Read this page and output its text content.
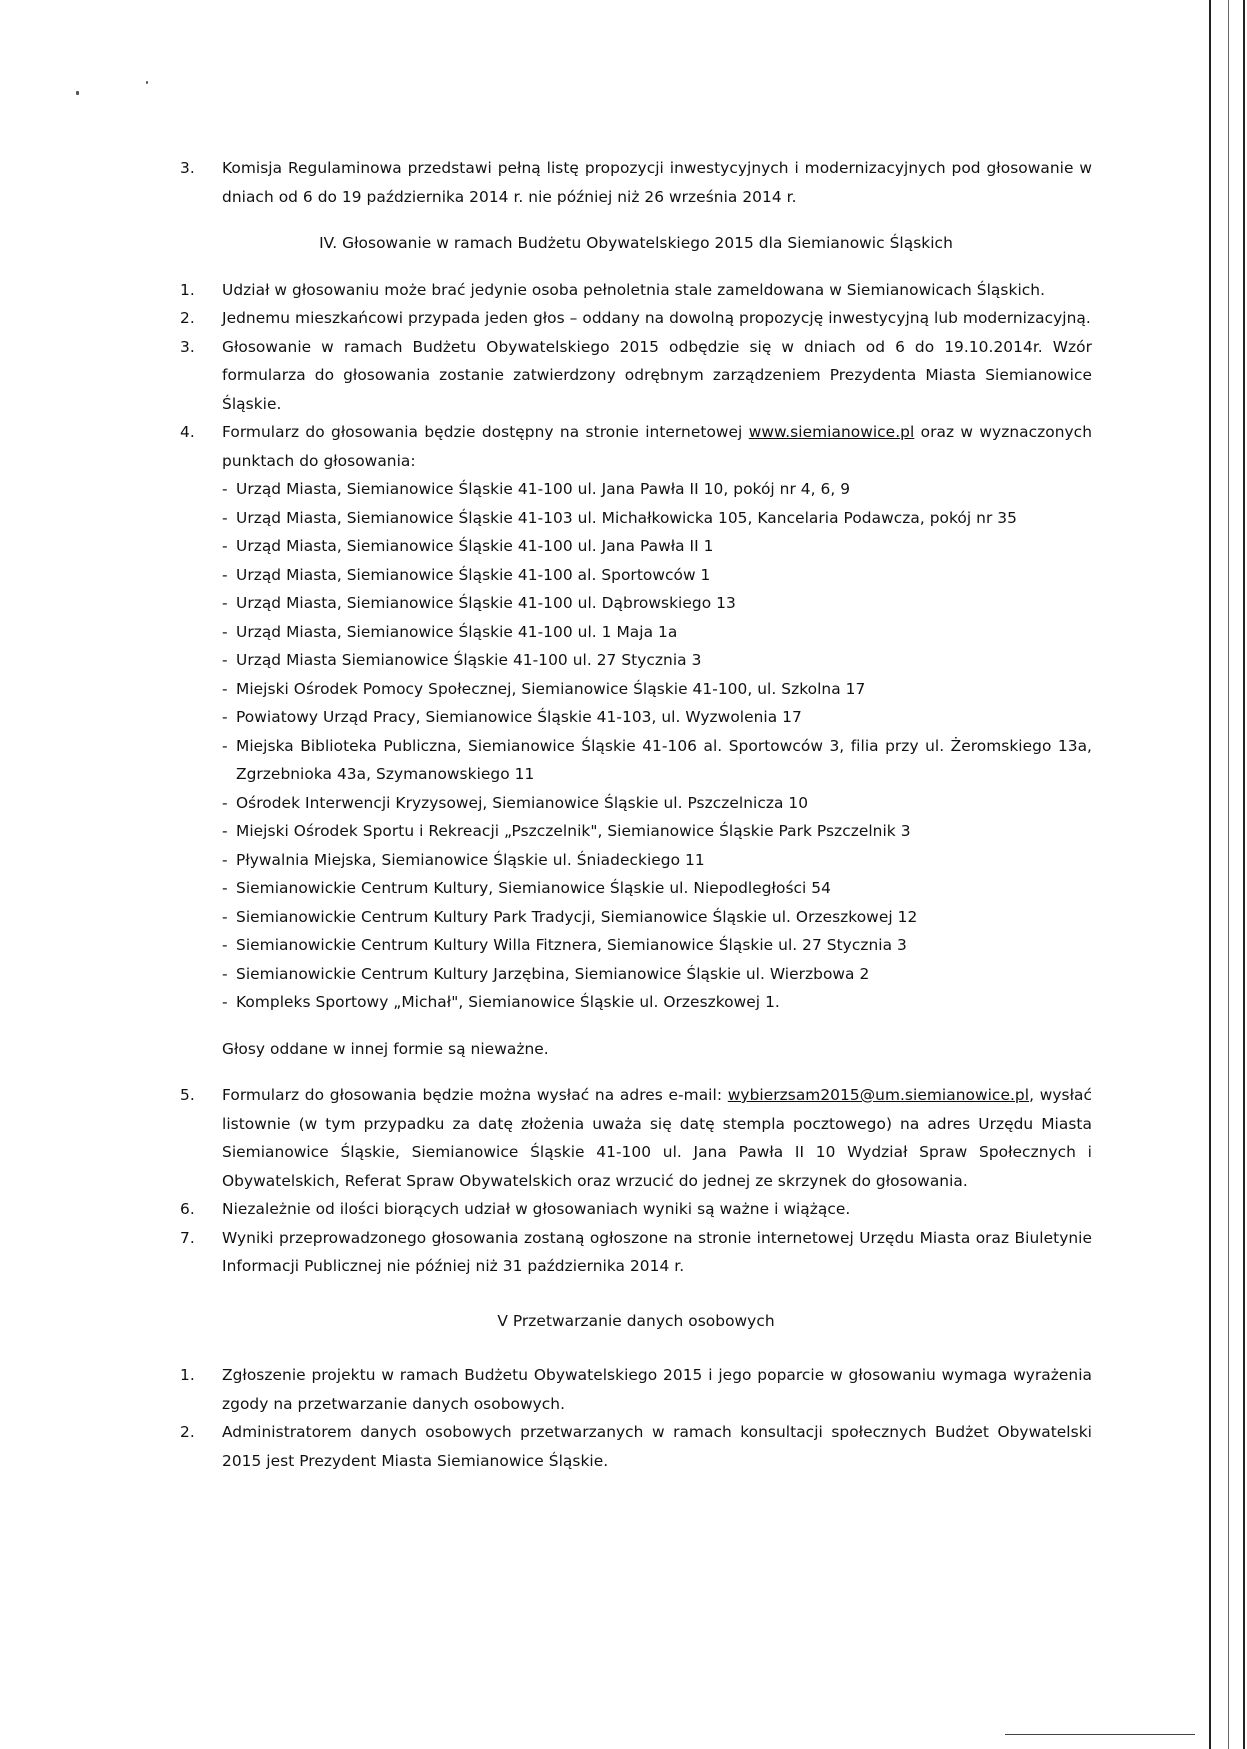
3. Komisja Regulaminowa przedstawi pełną listę propozycji inwestycyjnych i modernizacyjnych pod głosowanie w dniach od 6 do 19 października 2014 r. nie później niż 26 września 2014 r.
IV. Głosowanie w ramach Budżetu Obywatelskiego 2015 dla Siemianowic Śląskich
1. Udział w głosowaniu może brać jedynie osoba pełnoletnia stale zameldowana w Siemianowicach Śląskich.
2. Jednemu mieszkańcowi przypada jeden głos – oddany na dowolną propozycję inwestycyjną lub modernizacyjną.
3. Głosowanie w ramach Budżetu Obywatelskiego 2015 odbędzie się w dniach od 6 do 19.10.2014r. Wzór formularza do głosowania zostanie zatwierdzony odrębnym zarządzeniem Prezydenta Miasta Siemianowice Śląskie.
4. Formularz do głosowania będzie dostępny na stronie internetowej www.siemianowice.pl oraz w wyznaczonych punktach do głosowania:
- Urząd Miasta, Siemianowice Śląskie 41-100 ul. Jana Pawła II 10, pokój nr 4, 6, 9
- Urząd Miasta, Siemianowice Śląskie 41-103 ul. Michałkowicka 105, Kancelaria Podawcza, pokój nr 35
- Urząd Miasta, Siemianowice Śląskie 41-100 ul. Jana Pawła II 1
- Urząd Miasta, Siemianowice Śląskie 41-100 al. Sportowców 1
- Urząd Miasta, Siemianowice Śląskie 41-100 ul. Dąbrowskiego 13
- Urząd Miasta, Siemianowice Śląskie 41-100 ul. 1 Maja 1a
- Urząd Miasta Siemianowice Śląskie 41-100 ul. 27 Stycznia 3
- Miejski Ośrodek Pomocy Społecznej, Siemianowice Śląskie 41-100, ul. Szkolna 17
- Powiatowy Urząd Pracy, Siemianowice Śląskie 41-103, ul. Wyzwolenia 17
- Miejska Biblioteka Publiczna, Siemianowice Śląskie 41-106 al. Sportowców 3, filia przy ul. Żeromskiego 13a, Zgrzebnioka 43a, Szymanowskiego 11
- Ośrodek Interwencji Kryzysowej, Siemianowice Śląskie ul. Pszczelnicza 10
- Miejski Ośrodek Sportu i Rekreacji „Pszczelnik", Siemianowice Śląskie Park Pszczelnik 3
- Pływalnia Miejska, Siemianowice Śląskie ul. Śniadeckiego 11
- Siemianowickie Centrum Kultury, Siemianowice Śląskie ul. Niepodległości 54
- Siemianowickie Centrum Kultury Park Tradycji, Siemianowice Śląskie ul. Orzeszkowej 12
- Siemianowickie Centrum Kultury Willa Fitznera, Siemianowice Śląskie ul. 27 Stycznia 3
- Siemianowickie Centrum Kultury Jarzębina, Siemianowice Śląskie ul. Wierzbowa 2
- Kompleks Sportowy „Michał", Siemianowice Śląskie ul. Orzeszkowej 1.
Głosy oddane w innej formie są nieważne.
5. Formularz do głosowania będzie można wysłać na adres e-mail: wybierzsam2015@um.siemianowice.pl, wysłać listownie (w tym przypadku za datę złożenia uważa się datę stempla pocztowego) na adres Urzędu Miasta Siemianowice Śląskie, Siemianowice Śląskie 41-100 ul. Jana Pawła II 10 Wydział Spraw Społecznych i Obywatelskich, Referat Spraw Obywatelskich oraz wrzucić do jednej ze skrzynek do głosowania.
6. Niezależnie od ilości biorących udział w głosowaniach wyniki są ważne i wiążące.
7. Wyniki przeprowadzonego głosowania zostaną ogłoszone na stronie internetowej Urzędu Miasta oraz Biuletynie Informacji Publicznej nie później niż 31 października 2014 r.
V Przetwarzanie danych osobowych
1. Zgłoszenie projektu w ramach Budżetu Obywatelskiego 2015 i jego poparcie w głosowaniu wymaga wyrażenia zgody na przetwarzanie danych osobowych.
2. Administratorem danych osobowych przetwarzanych w ramach konsultacji społecznych Budżet Obywatelski 2015 jest Prezydent Miasta Siemianowice Śląskie.
